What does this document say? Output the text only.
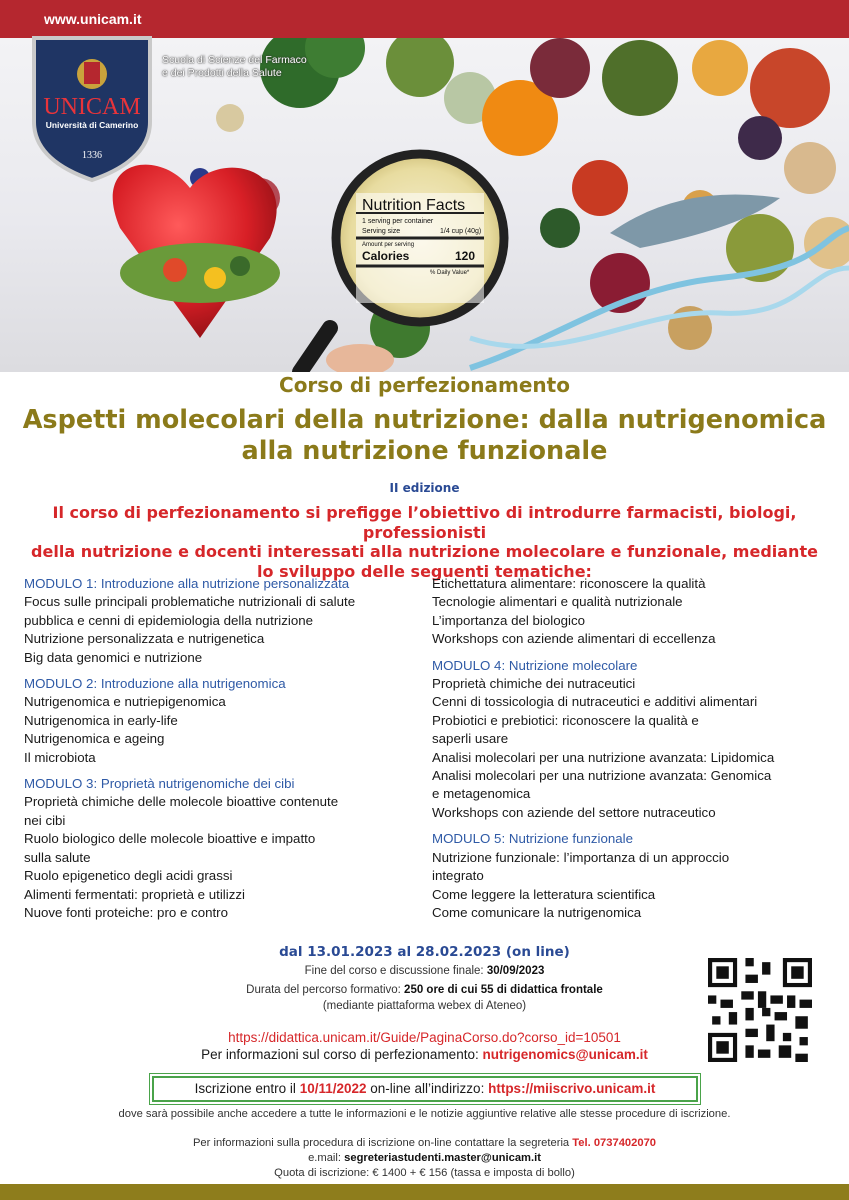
www.unicam.it
Nutrition Facts
1 serving per container
Serving size	1/4 cup (40g)
Amount per serving
Calories	120
% Daily Value*
UNICAM
Università di Camerino
1336
Scuola di Scienze del Farmaco
e dei Prodotti della Salute
Corso di perfezionamento
Aspetti molecolari della nutrizione: dalla nutrigenomica
alla nutrizione funzionale
II edizione
Il corso di perfezionamento si prefigge l’obiettivo di introdurre farmacisti, biologi, professionisti
della nutrizione e docenti interessati alla nutrizione molecolare e funzionale, mediante
lo sviluppo delle seguenti tematiche:
MODULO 1: Introduzione alla nutrizione personalizzata
Focus sulle principali problematiche nutrizionali di salute
pubblica e cenni di epidemiologia della nutrizione
Nutrizione personalizzata e nutrigenetica
Big data genomici e nutrizione
MODULO 2: Introduzione alla nutrigenomica
Nutrigenomica e nutriepigenomica
Nutrigenomica in early-life
Nutrigenomica e ageing
Il microbiota
MODULO 3: Proprietà nutrigenomiche dei cibi
Proprietà chimiche delle molecole bioattive contenute
nei cibi
Ruolo biologico delle molecole bioattive e impatto
sulla salute
Ruolo epigenetico degli acidi grassi
Alimenti fermentati: proprietà e utilizzi
Nuove fonti proteiche: pro e contro
Etichettatura alimentare: riconoscere la qualità
Tecnologie alimentari e qualità nutrizionale
L’importanza del biologico
Workshops con aziende alimentari di eccellenza
MODULO 4: Nutrizione molecolare
Proprietà chimiche dei nutraceutici
Cenni di tossicologia di nutraceutici e additivi alimentari
Probiotici e prebiotici: riconoscere la qualità e
saperli usare
Analisi molecolari per una nutrizione avanzata: Lipidomica
Analisi molecolari per una nutrizione avanzata: Genomica
e metagenomica
Workshops con aziende del settore nutraceutico
MODULO 5: Nutrizione funzionale
Nutrizione funzionale: l’importanza di un approccio
integrato
Come leggere la letteratura scientifica
Come comunicare la nutrigenomica
dal 13.01.2023 al 28.02.2023 (on line)
Fine del corso e discussione finale: 30/09/2023
Durata del percorso formativo: 250 ore di cui 55 di didattica frontale
(mediante piattaforma webex di Ateneo)
https://didattica.unicam.it/Guide/PaginaCorso.do?corso_id=10501
Per informazioni sul corso di perfezionamento: nutrigenomics@unicam.it
Iscrizione entro il 10/11/2022 on-line all’indirizzo: https://miiscrivo.unicam.it
dove sarà possibile anche accedere a tutte le informazioni e le notizie aggiuntive relative alle stesse procedure di iscrizione.
Per informazioni sulla procedura di iscrizione on-line contattare la segreteria Tel. 0737402070
e.mail: segreteriastudenti.master@unicam.it
Quota di iscrizione: € 1400 + € 156 (tassa e imposta di bollo)
